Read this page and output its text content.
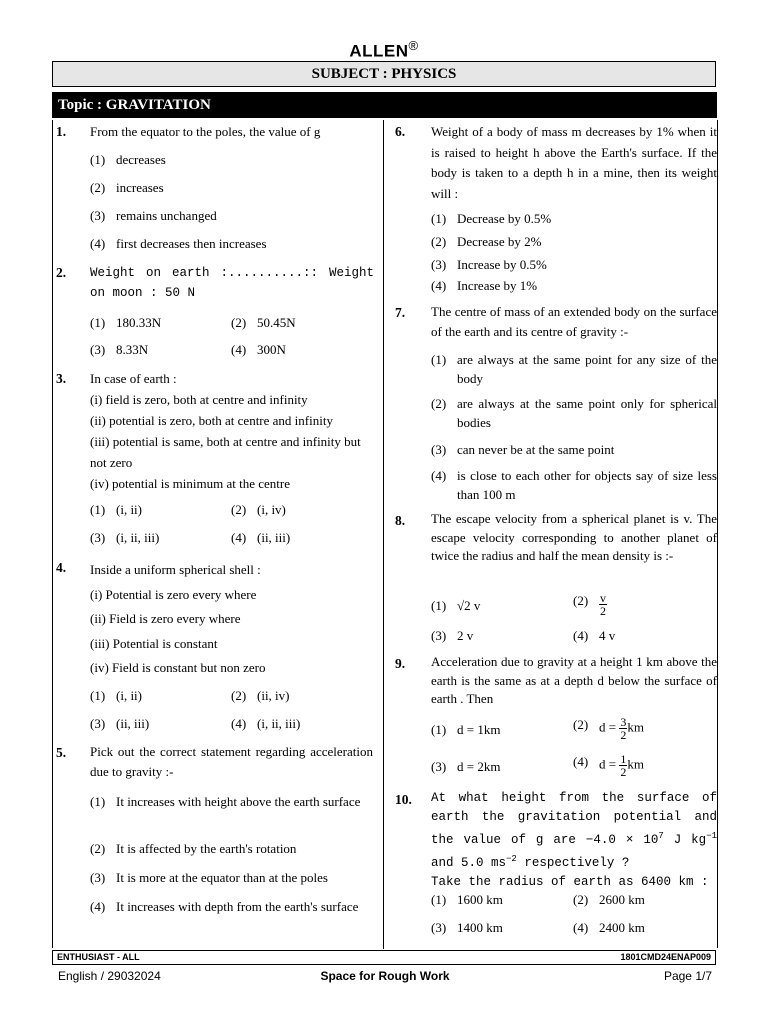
ALLEN®
SUBJECT : PHYSICS
Topic : GRAVITATION
1. From the equator to the poles, the value of g
(1) decreases
(2) increases
(3) remains unchanged
(4) first decreases then increases
2. Weight on earth :..........:: Weight on moon : 50 N
(1) 180.33N	(2) 50.45N
(3) 8.33N	(4) 300N
3. In case of earth :
(i) field is zero, both at centre and infinity
(ii) potential is zero, both at centre and infinity
(iii) potential is same, both at centre and infinity but not zero
(iv) potential is minimum at the centre
(1) (i, ii)	(2) (i, iv)
(3) (i, ii, iii)	(4) (ii, iii)
4. Inside a uniform spherical shell :
(i) Potential is zero every where
(ii) Field is zero every where
(iii) Potential is constant
(iv) Field is constant but non zero
(1) (i, ii)	(2) (ii, iv)
(3) (ii, iii)	(4) (i, ii, iii)
5. Pick out the correct statement regarding acceleration due to gravity :-
(1) It increases with height above the earth surface
(2) It is affected by the earth's rotation
(3) It is more at the equator than at the poles
(4) It increases with depth from the earth's surface
6. Weight of a body of mass m decreases by 1% when it is raised to height h above the Earth's surface. If the body is taken to a depth h in a mine, then its weight will :
(1) Decrease by 0.5%
(2) Decrease by 2%
(3) Increase by 0.5%
(4) Increase by 1%
7. The centre of mass of an extended body on the surface of the earth and its centre of gravity :-
(1) are always at the same point for any size of the body
(2) are always at the same point only for spherical bodies
(3) can never be at the same point
(4) is close to each other for objects say of size less than 100 m
8. The escape velocity from a spherical planet is v. The escape velocity corresponding to another planet of twice the radius and half the mean density is :-
(1) √2 v	$(2) \frac{v}{2}$
(3) 2 v	(4) 4 v
9. Acceleration due to gravity at a height 1 km above the earth is the same as at a depth d below the surface of earth . Then
(1) d = 1km	(2) $d = \frac{3}{2}$ km
(3) d = 2km	(4) $d = \frac{1}{2}$ km
10. At what height from the surface of earth the gravitation potential and the value of g are $-4.0 \times 10^7$ J $kg^{-1}$ and 5.0 $ms^{-2}$ respectively ?
Take the radius of earth as 6400 km :
(1) 1600 km	(2) 2600 km
(3) 1400 km	(4) 2400 km
ENTHUSIAST - ALL	1801CMD24ENAP009
Space for Rough Work
English / 29032024	Page 1/7
